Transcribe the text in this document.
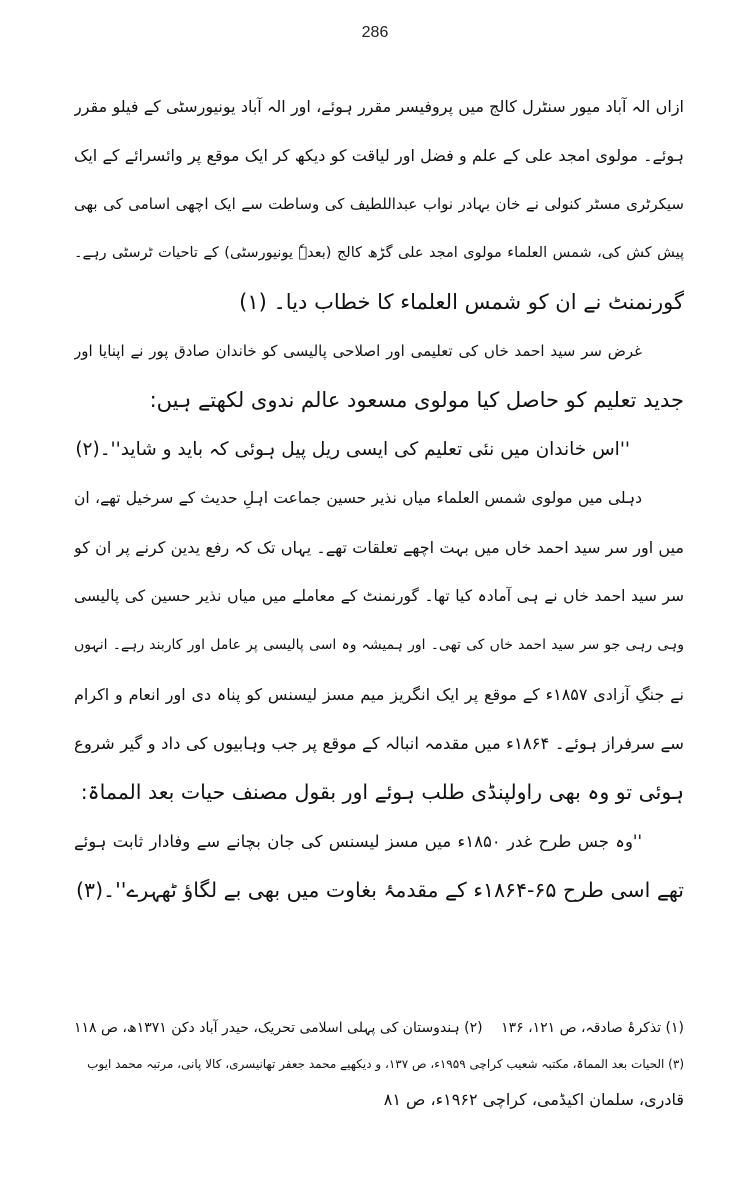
286
ازاں الہ آباد میور سنٹرل کالج میں پروفیسر مقرر ہوئے، اور الہ آباد یونیورسٹی کے فیلو مقرر
ہوئے۔ مولوی امجد علی کے علم و فضل اور لیاقت کو دیکھ کر ایک موقع پر وائسرائے کے ایک
سیکرٹری مسٹر کنولی نے خان بہادر نواب عبداللطیف کی وساطت سے ایک اچھی اسامی کی بھی
پیش کش کی، شمس العلماء مولوی امجد علی گڑھ کالج (بعدہٗ یونیورسٹی) کے تاحیات ٹرسٹی رہے۔
گورنمنٹ نے ان کو شمس العلماء کا خطاب دیا۔ (۱)
غرض سر سید احمد خاں کی تعلیمی اور اصلاحی پالیسی کو خاندان صادق پور نے اپنایا اور
جدید تعلیم کو حاصل کیا مولوی مسعود عالم ندوی لکھتے ہیں:
''اس خاندان میں نئی تعلیم کی ایسی ریل پیل ہوئی کہ باید و شاید''۔(۲)
دہلی میں مولوی شمس العلماء میاں نذیر حسین جماعت اہلِ حدیث کے سرخیل تھے، ان
میں اور سر سید احمد خاں میں بہت اچھے تعلقات تھے۔ یہاں تک کہ رفع یدین کرنے پر ان کو
سر سید احمد خاں نے ہی آمادہ کیا تھا۔ گورنمنٹ کے معاملے میں میاں نذیر حسین کی پالیسی
وہی رہی جو سر سید احمد خاں کی تھی۔ اور ہمیشہ وہ اسی پالیسی پر عامل اور کاربند رہے۔ انہوں
نے جنگِ آزادی ۱۸۵۷ء کے موقع پر ایک انگریز میم مسز لیسنس کو پناہ دی اور انعام و اکرام
سے سرفراز ہوئے۔ ۱۸۶۴ء میں مقدمہ انبالہ کے موقع پر جب وہابیوں کی داد و گیر شروع
ہوئی تو وہ بھی راولپنڈی طلب ہوئے اور بقول مصنف حیات بعد المماۃ:
''وہ جس طرح غدر ۱۸۵۰ء میں مسز لیسنس کی جان بچانے سے وفادار ثابت ہوئے
تھے اسی طرح ۶۵-۱۸۶۴ء کے مقدمۂ بغاوت میں بھی بے لگاؤ ٹھہرے''۔(۳)
(۱) تذکرۂ صادقہ، ص ۱۲۱، ۱۳۶
(۲) ہندوستان کی پہلی اسلامی تحریک، حیدر آباد دکن ۱۳۷۱ھ، ص ۱۱۸
(۳) الحیات بعد المماۃ، مکتبہ شعیب کراچی ۱۹۵۹ء، ص ۱۳۷، و دیکھیے محمد جعفر تھانیسری، کالا پانی، مرتبہ محمد ایوب
قادری، سلمان اکیڈمی، کراچی ۱۹۶۲ء، ص ۸۱
